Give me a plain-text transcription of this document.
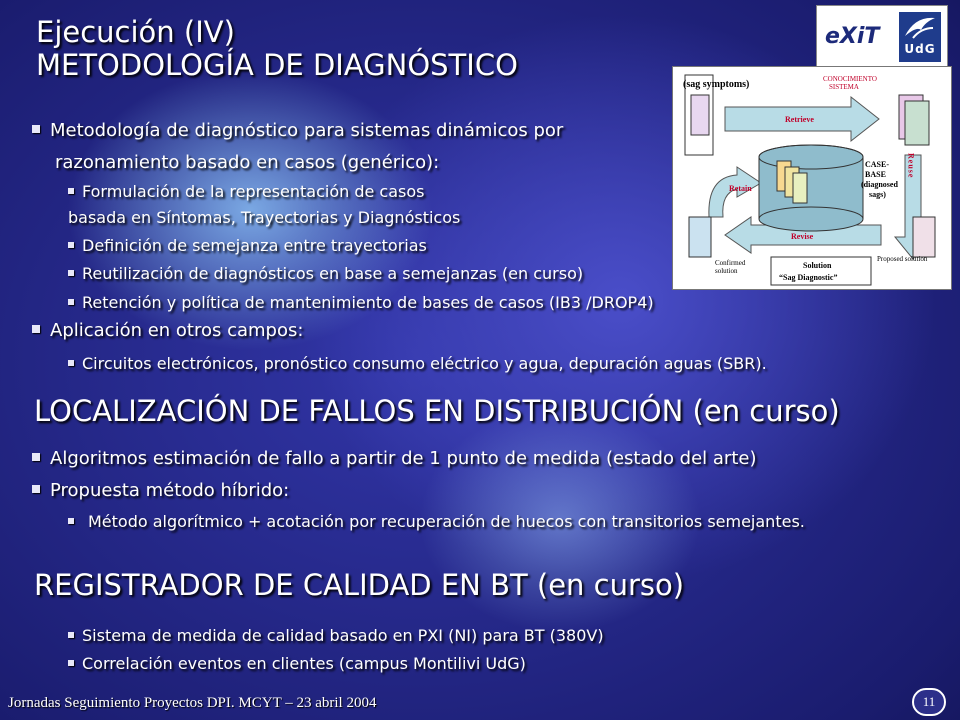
Ejecución (IV)
METODOLOGÍA DE DIAGNÓSTICO
eXiT	UdG
Metodología de diagnóstico para sistemas dinámicos por
razonamiento basado en casos (genérico):
Formulación de la representación de casos
basada en Síntomas, Trayectorias y Diagnósticos
Definición de semejanza entre trayectorias
Reutilización de diagnósticos en base a semejanzas (en curso)
Retención y política de mantenimiento de bases de casos (IB3 /DROP4)
Aplicación en otros campos:
Circuitos electrónicos, pronóstico consumo eléctrico y agua, depuración aguas (SBR).
(sag symptoms)	CONOCIMIENTO
SISTEMA
Retrieve
Retain
Reuse
Revise
CASE-
BASE
(diagnosed
sags)
Confirmed
solution
Proposed solution
Solution
“Sag Diagnostic”
LOCALIZACIÓN DE FALLOS EN DISTRIBUCIÓN (en curso)
Algoritmos estimación de fallo a partir de 1 punto de medida (estado del arte)
Propuesta método híbrido:
Método algorítmico + acotación por recuperación de huecos con transitorios semejantes.
REGISTRADOR DE CALIDAD EN BT (en curso)
Sistema de medida de calidad basado en PXI (NI) para BT (380V)
Correlación eventos en clientes (campus Montilivi UdG)
Jornadas Seguimiento Proyectos DPI. MCYT – 23 abril 2004	11
